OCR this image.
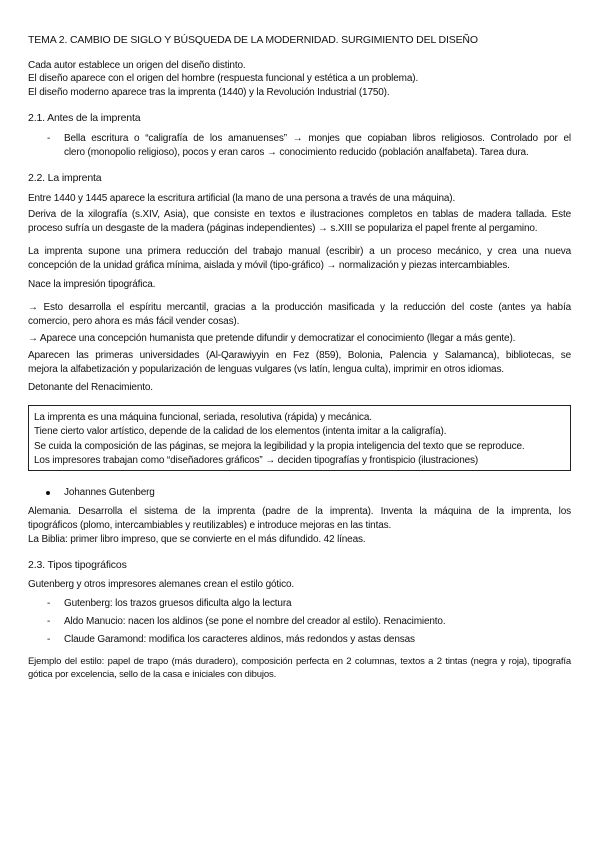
TEMA 2. CAMBIO DE SIGLO Y BÚSQUEDA DE LA MODERNIDAD. SURGIMIENTO DEL DISEÑO
Cada autor establece un origen del diseño distinto.
El diseño aparece con el origen del hombre (respuesta funcional y estética a un problema).
El diseño moderno aparece tras la imprenta (1440) y la Revolución Industrial (1750).
2.1. Antes de la imprenta
-	Bella escritura o “caligrafía de los amanuenses” → monjes que copiaban libros religiosos. Controlado por el
clero (monopolio religioso), pocos y eran caros → conocimiento reducido (población analfabeta). Tarea dura.
2.2. La imprenta
Entre 1440 y 1445 aparece la escritura artificial (la mano de una persona a través de una máquina).
Deriva de la xilografía (s.XIV, Asia), que consiste en textos e ilustraciones completos en tablas de madera tallada. Este
proceso sufría un desgaste de la madera (páginas independientes) → s.XIII se populariza el papel frente al pergamino.
La imprenta supone una primera reducción del trabajo manual (escribir) a un proceso mecánico, y crea una nueva
concepción de la unidad gráfica mínima, aislada y móvil (tipo-gráfico) → normalización y piezas intercambiables.
Nace la impresión tipográfica.
→ Esto desarrolla el espíritu mercantil, gracias a la producción masificada y la reducción del coste (antes ya había
comercio, pero ahora es más fácil vender cosas).
→ Aparece una concepción humanista que pretende difundir y democratizar el conocimiento (llegar a más gente).
Aparecen las primeras universidades (Al-Qarawiyyin en Fez (859), Bolonia, Palencia y Salamanca), bibliotecas, se
mejora la alfabetización y popularización de lenguas vulgares (vs latín, lengua culta), imprimir en otros idiomas.
Detonante del Renacimiento.
La imprenta es una máquina funcional, seriada, resolutiva (rápida) y mecánica.
Tiene cierto valor artístico, depende de la calidad de los elementos (intenta imitar a la caligrafía).
Se cuida la composición de las páginas, se mejora la legibilidad y la propia inteligencia del texto que se reproduce.
Los impresores trabajan como “diseñadores gráficos” → deciden tipografías y frontispicio (ilustraciones)
Johannes Gutenberg
Alemania. Desarrolla el sistema de la imprenta (padre de la imprenta). Inventa la máquina de la imprenta, los
tipográficos (plomo, intercambiables y reutilizables) e introduce mejoras en las tintas.
La Biblia: primer libro impreso, que se convierte en el más difundido. 42 líneas.
2.3. Tipos tipográficos
Gutenberg y otros impresores alemanes crean el estilo gótico.
-	Gutenberg: los trazos gruesos dificulta algo la lectura
-	Aldo Manucio: nacen los aldinos (se pone el nombre del creador al estilo). Renacimiento.
-	Claude Garamond: modifica los caracteres aldinos, más redondos y astas densas
Ejemplo del estilo: papel de trapo (más duradero), composición perfecta en 2 columnas, textos a 2 tintas (negra y roja), tipografía
gótica por excelencia, sello de la casa e iniciales con dibujos.
